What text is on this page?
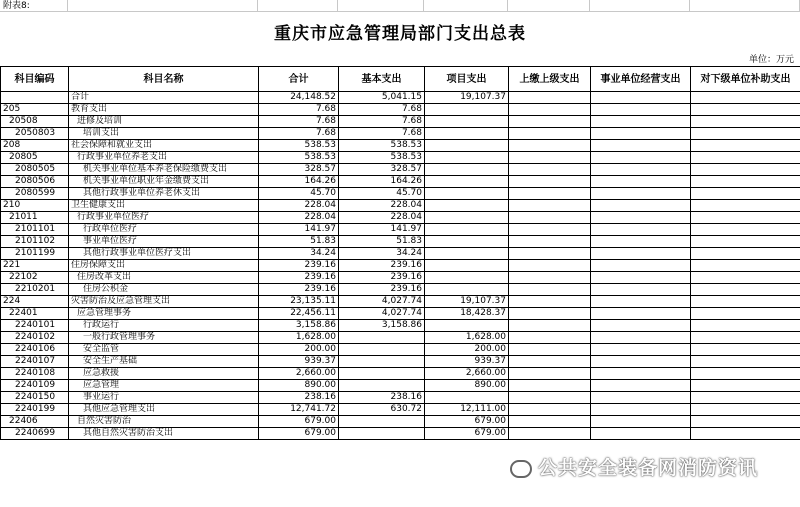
附表8:
重庆市应急管理局部门支出总表
单位：万元
科目编码	科目名称	合计	基本支出	项目支出	上缴上级支出	事业单位经营支出	对下级单位补助支出
	合计	24,148.52	5,041.15	19,107.37			
205	教育支出	7.68	7.68				
20508	进修及培训	7.68	7.68				
2050803	培训支出	7.68	7.68				
208	社会保障和就业支出	538.53	538.53				
20805	行政事业单位养老支出	538.53	538.53				
2080505	机关事业单位基本养老保险缴费支出	328.57	328.57				
2080506	机关事业单位职业年金缴费支出	164.26	164.26				
2080599	其他行政事业单位养老休支出	45.70	45.70				
210	卫生健康支出	228.04	228.04				
21011	行政事业单位医疗	228.04	228.04				
2101101	行政单位医疗	141.97	141.97				
2101102	事业单位医疗	51.83	51.83				
2101199	其他行政事业单位医疗支出	34.24	34.24				
221	住房保障支出	239.16	239.16				
22102	住房改革支出	239.16	239.16				
2210201	住房公积金	239.16	239.16				
224	灾害防治及应急管理支出	23,135.11	4,027.74	19,107.37			
22401	应急管理事务	22,456.11	4,027.74	18,428.37			
2240101	行政运行	3,158.86	3,158.86				
2240102	一般行政管理事务	1,628.00		1,628.00			
2240106	安全监管	200.00		200.00			
2240107	安全生产基础	939.37		939.37			
2240108	应急救援	2,660.00		2,660.00			
2240109	应急管理	890.00		890.00			
2240150	事业运行	238.16	238.16				
2240199	其他应急管理支出	12,741.72	630.72	12,111.00			
22406	自然灾害防治	679.00		679.00			
2240699	其他自然灾害防治支出	679.00		679.00			
公共安全装备网消防资讯
